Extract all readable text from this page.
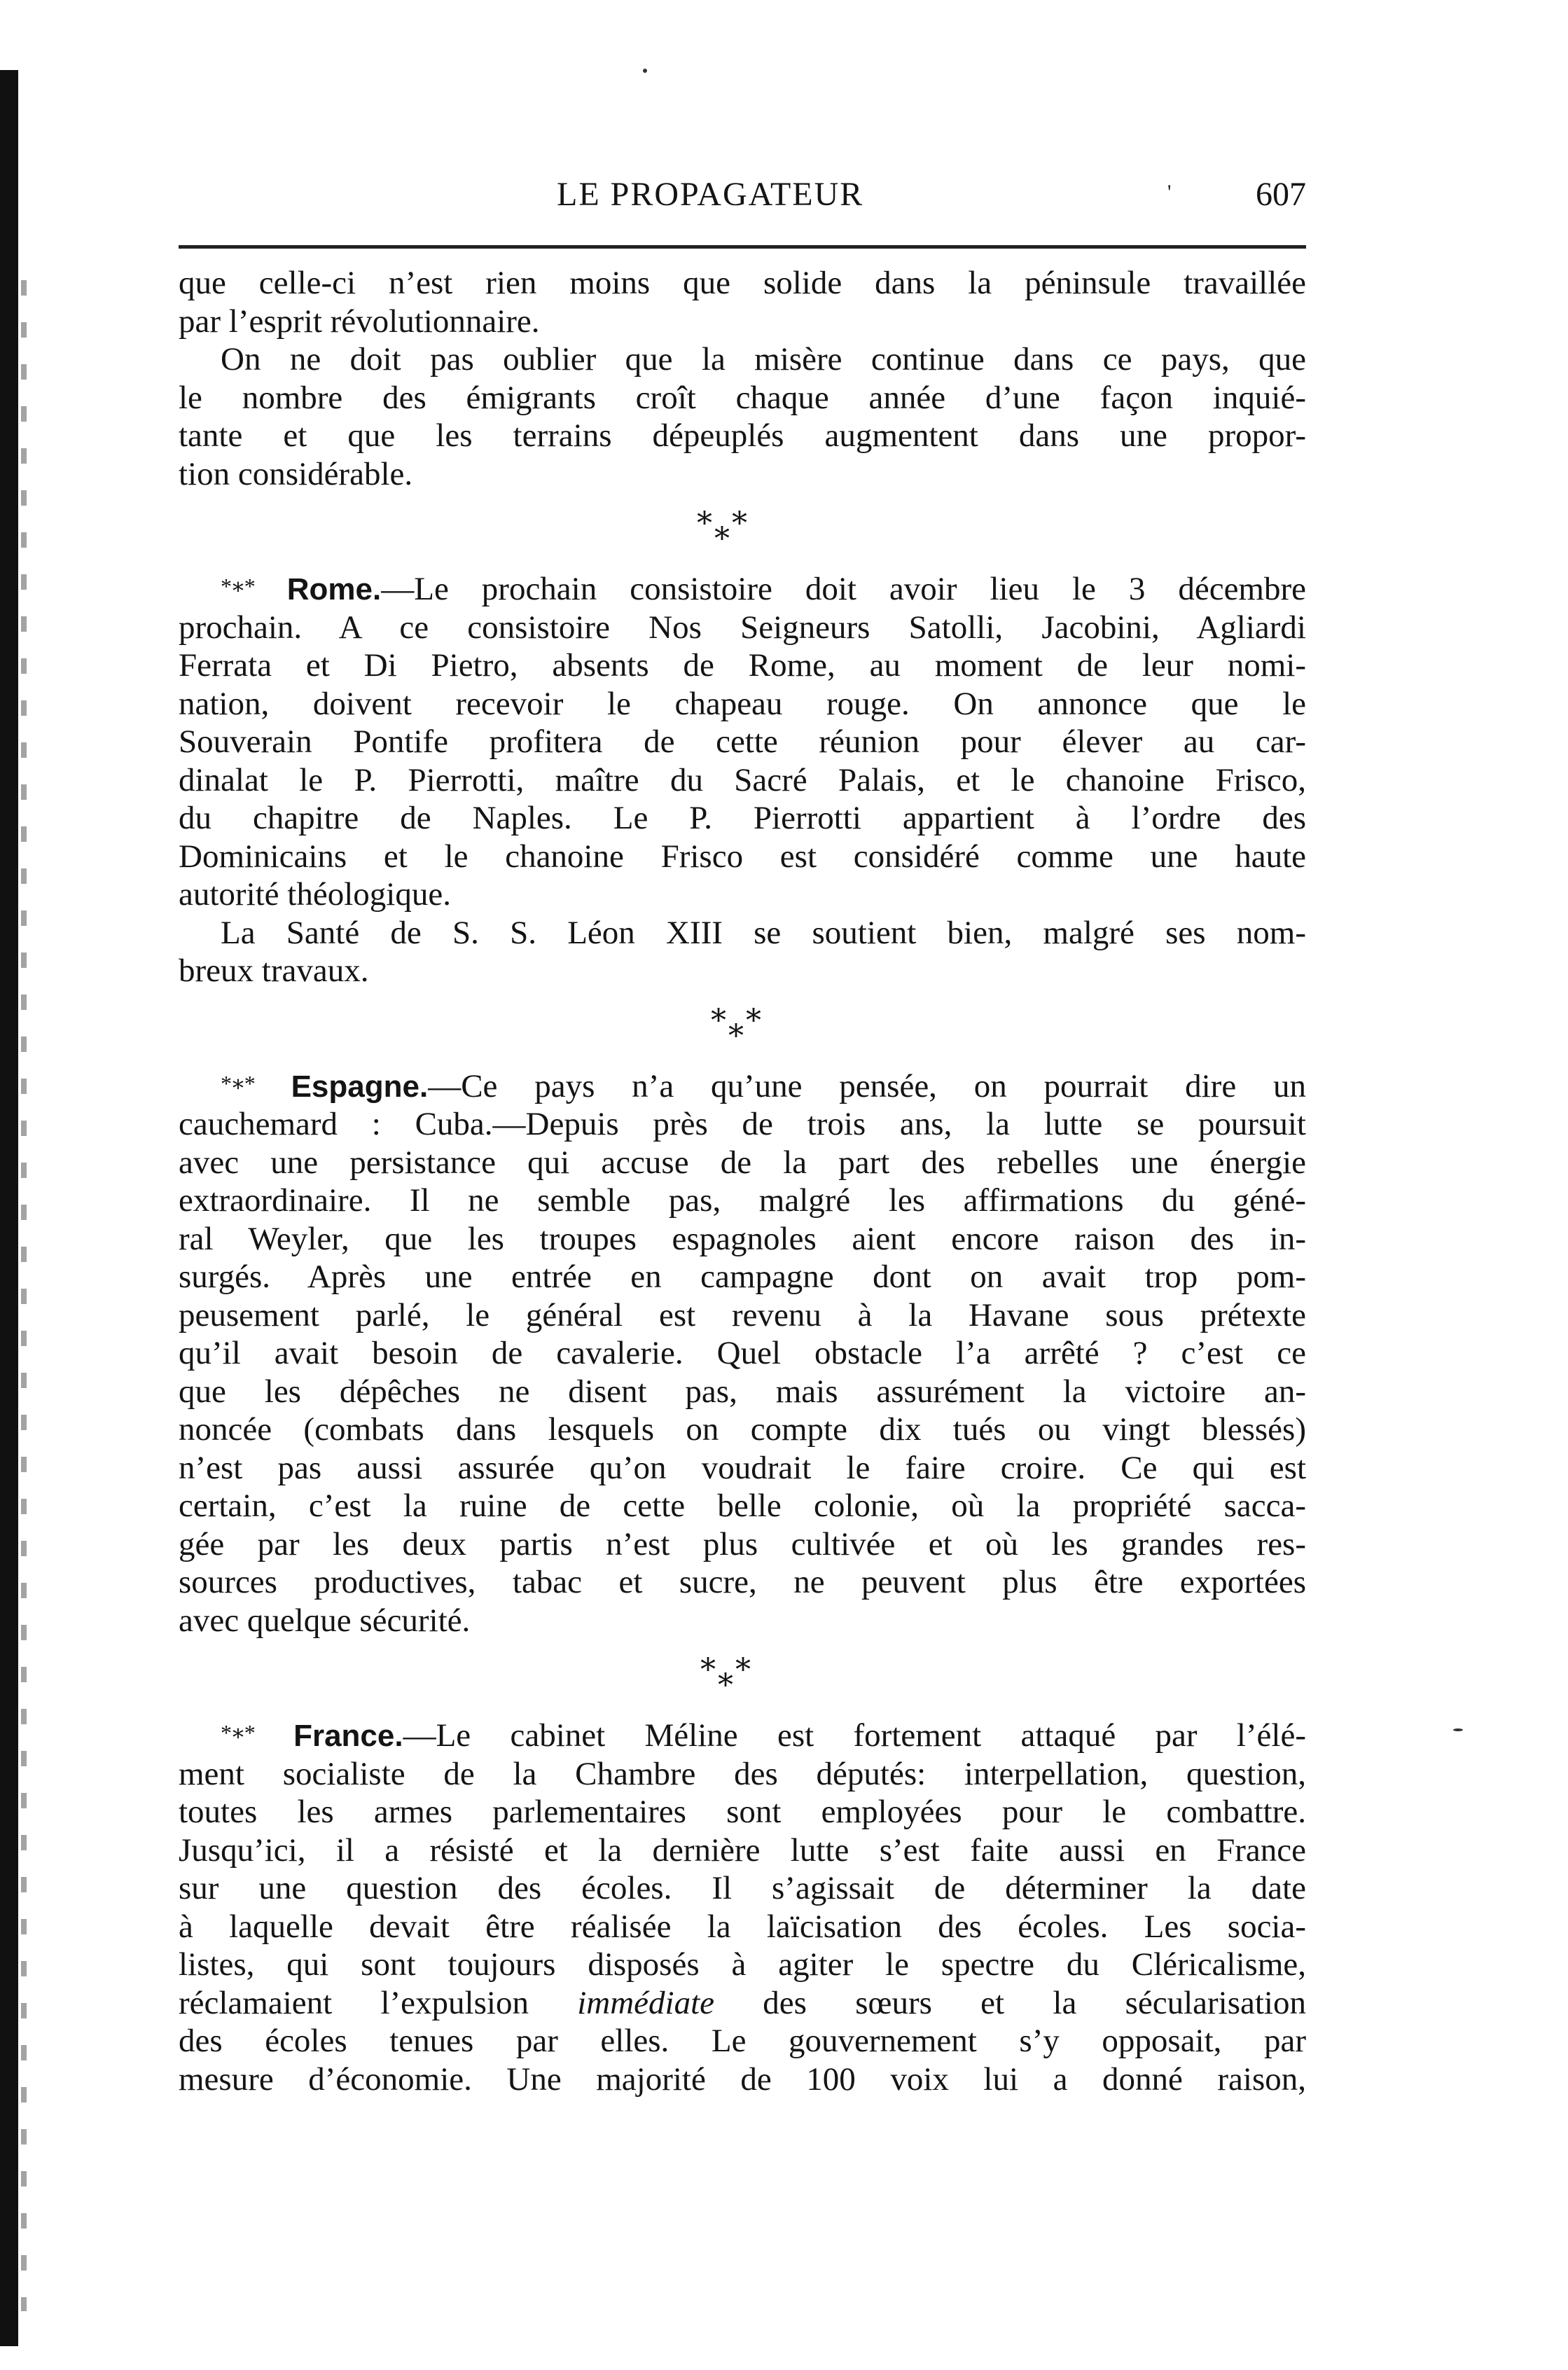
LE PROPAGATEUR	'	607
que celle-ci n’est rien moins que solide dans la péninsule travaillée
par l’esprit révolutionnaire.
On ne doit pas oublier que la misère continue dans ce pays, que
le nombre des émigrants croît chaque année d’une façon inquié-
tante et que les terrains dépeuplés augmentent dans une propor-
tion considérable.
* *
*
*∗* Rome.—Le prochain consistoire doit avoir lieu le 3 décembre
prochain. A ce consistoire Nos Seigneurs Satolli, Jacobini, Agliardi
Ferrata et Di Pietro, absents de Rome, au moment de leur nomi-
nation, doivent recevoir le chapeau rouge. On annonce que le
Souverain Pontife profitera de cette réunion pour élever au car-
dinalat le P. Pierrotti, maître du Sacré Palais, et le chanoine Frisco,
du chapitre de Naples. Le P. Pierrotti appartient à l’ordre des
Dominicains et le chanoine Frisco est considéré comme une haute
autorité théologique.
La Santé de S. S. Léon XIII se soutient bien, malgré ses nom-
breux travaux.
* *
*
*∗* Espagne.—Ce pays n’a qu’une pensée, on pourrait dire un
cauchemard : Cuba.—Depuis près de trois ans, la lutte se poursuit
avec une persistance qui accuse de la part des rebelles une énergie
extraordinaire. Il ne semble pas, malgré les affirmations du géné-
ral Weyler, que les troupes espagnoles aient encore raison des in-
surgés. Après une entrée en campagne dont on avait trop pom-
peusement parlé, le général est revenu à la Havane sous prétexte
qu’il avait besoin de cavalerie. Quel obstacle l’a arrêté ? c’est ce
que les dépêches ne disent pas, mais assurément la victoire an-
noncée (combats dans lesquels on compte dix tués ou vingt blessés)
n’est pas aussi assurée qu’on voudrait le faire croire. Ce qui est
certain, c’est la ruine de cette belle colonie, où la propriété sacca-
gée par les deux partis n’est plus cultivée et où les grandes res-
sources productives, tabac et sucre, ne peuvent plus être exportées
avec quelque sécurité.
* *
*
*∗* France.—Le cabinet Méline est fortement attaqué par l’élé-
ment socialiste de la Chambre des députés: interpellation, question,
toutes les armes parlementaires sont employées pour le combattre.
Jusqu’ici, il a résisté et la dernière lutte s’est faite aussi en France
sur une question des écoles. Il s’agissait de déterminer la date
à laquelle devait être réalisée la laïcisation des écoles. Les socia-
listes, qui sont toujours disposés à agiter le spectre du Cléricalisme,
réclamaient l’expulsion immédiate des sœurs et la sécularisation
des écoles tenues par elles. Le gouvernement s’y opposait, par
mesure d’économie. Une majorité de 100 voix lui a donné raison,
